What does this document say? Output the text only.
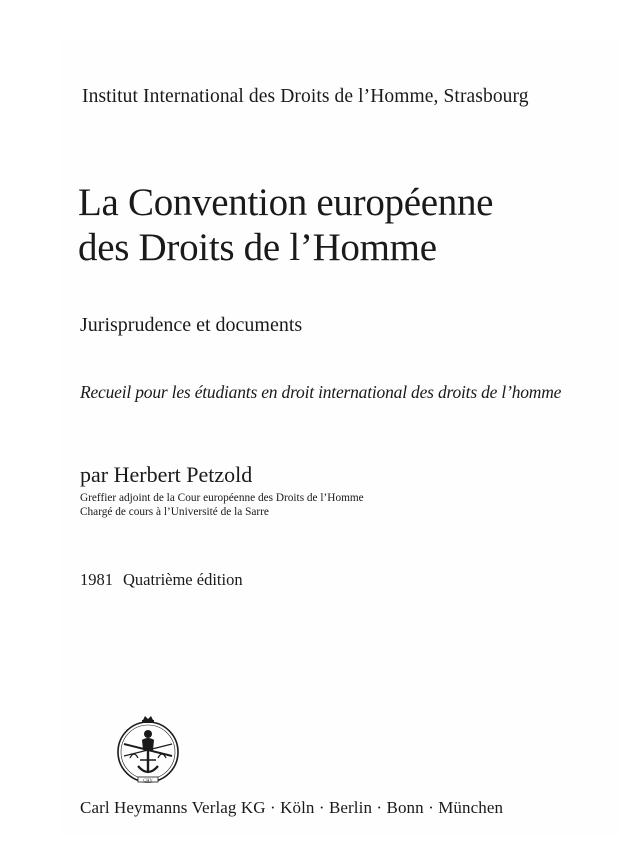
Institut International des Droits de l’Homme, Strasbourg
La Convention européenne
des Droits de l’Homme
Jurisprudence et documents
Recueil pour les étudiants en droit international des droits de l’homme
par Herbert Petzold
Greffier adjoint de la Cour européenne des Droits de l’Homme
Chargé de cours à l’Université de la Sarre
1981 Quatrième édition
CHV
Carl Heymanns Verlag KG · Köln · Berlin · Bonn · München
